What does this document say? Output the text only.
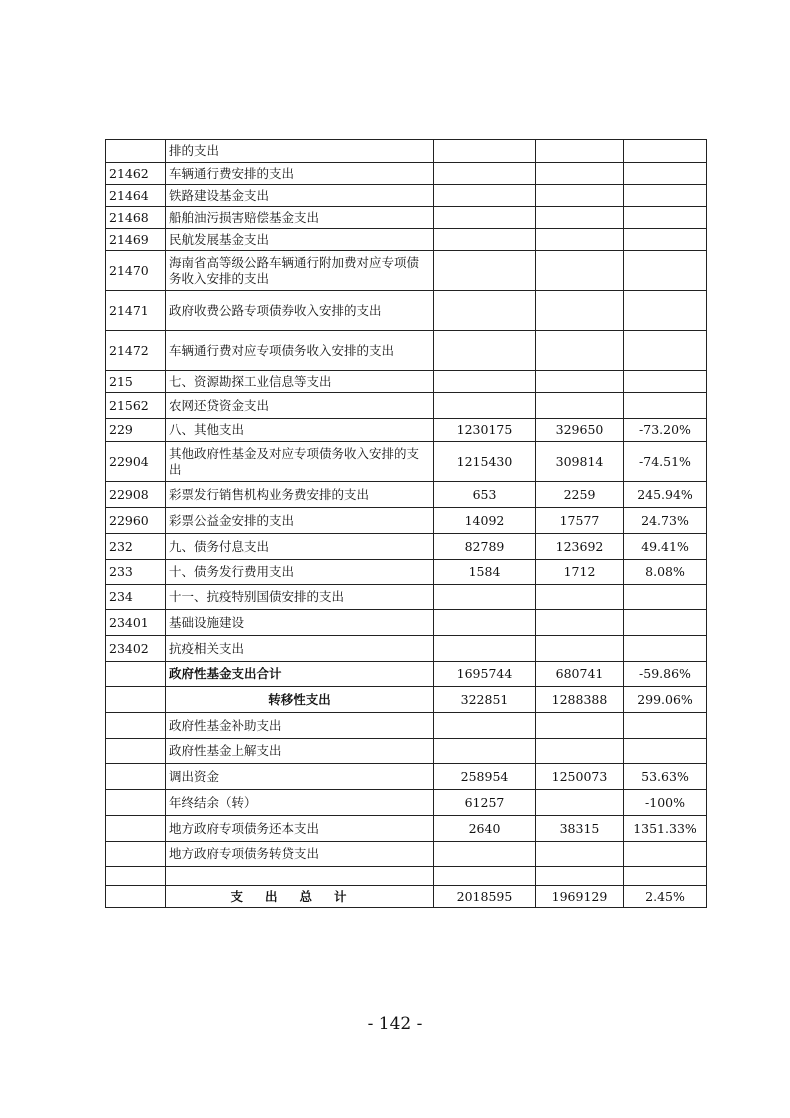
	排的支出			
21462	车辆通行费安排的支出			
21464	铁路建设基金支出			
21468	船舶油污损害赔偿基金支出			
21469	民航发展基金支出			
21470	海南省高等级公路车辆通行附加费对应专项债务收入安排的支出			
21471	政府收费公路专项债券收入安排的支出			
21472	车辆通行费对应专项债务收入安排的支出			
215	七、资源勘探工业信息等支出			
21562	农网还贷资金支出			
229	八、其他支出	1230175	329650	-73.20%
22904	其他政府性基金及对应专项债务收入安排的支出	1215430	309814	-74.51%
22908	彩票发行销售机构业务费安排的支出	653	2259	245.94%
22960	彩票公益金安排的支出	14092	17577	24.73%
232	九、债务付息支出	82789	123692	49.41%
233	十、债务发行费用支出	1584	1712	8.08%
234	十一、抗疫特别国债安排的支出			
23401	基础设施建设			
23402	抗疫相关支出			
	政府性基金支出合计	1695744	680741	-59.86%
	转移性支出	322851	1288388	299.06%
	政府性基金补助支出			
	政府性基金上解支出			
	调出资金	258954	1250073	53.63%
	年终结余（转）	61257		-100%
	地方政府专项债务还本支出	2640	38315	1351.33%
	地方政府专项债务转贷支出			

	支出总计	2018595	1969129	2.45%
- 142 -
